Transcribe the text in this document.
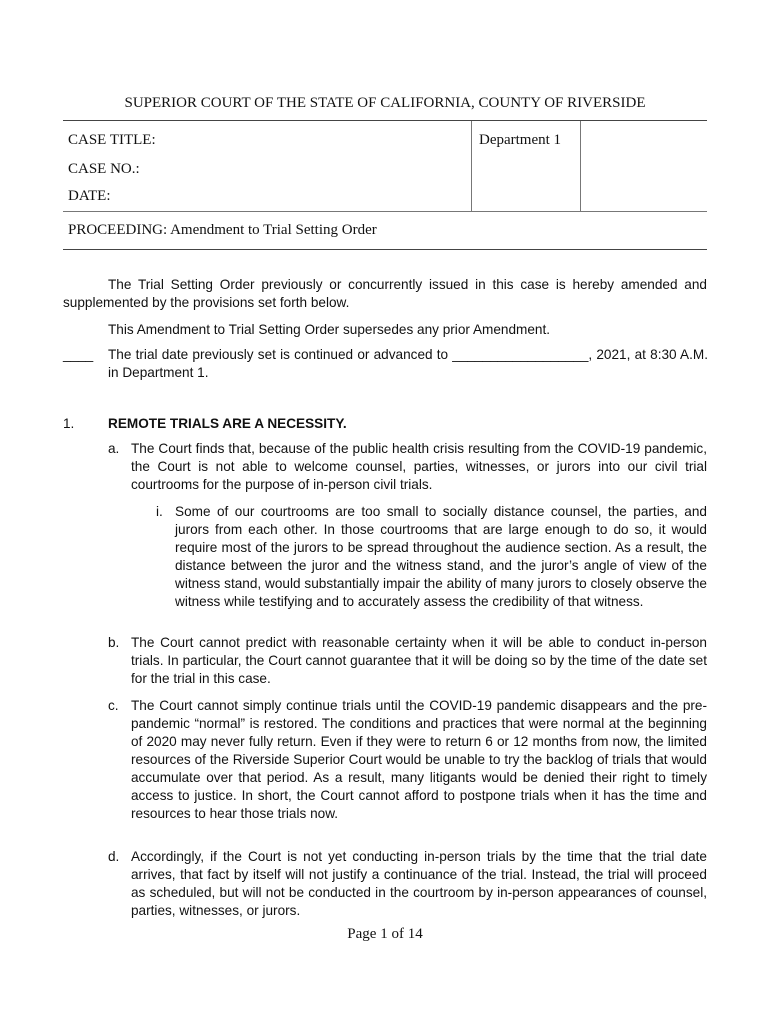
SUPERIOR COURT OF THE STATE OF CALIFORNIA, COUNTY OF RIVERSIDE
CASE TITLE:
CASE NO.:
DATE:
Department 1
PROCEEDING: Amendment to Trial Setting Order
The Trial Setting Order previously or concurrently issued in this case is hereby amended and supplemented by the provisions set forth below.
This Amendment to Trial Setting Order supersedes any prior Amendment.
____	The trial date previously set is continued or advanced to __________________, 2021, at 8:30 A.M. in Department 1.
1. REMOTE TRIALS ARE A NECESSITY.
a. The Court finds that, because of the public health crisis resulting from the COVID-19 pandemic, the Court is not able to welcome counsel, parties, witnesses, or jurors into our civil trial courtrooms for the purpose of in-person civil trials.
i. Some of our courtrooms are too small to socially distance counsel, the parties, and jurors from each other. In those courtrooms that are large enough to do so, it would require most of the jurors to be spread throughout the audience section. As a result, the distance between the juror and the witness stand, and the juror’s angle of view of the witness stand, would substantially impair the ability of many jurors to closely observe the witness while testifying and to accurately assess the credibility of that witness.
b. The Court cannot predict with reasonable certainty when it will be able to conduct in-person trials. In particular, the Court cannot guarantee that it will be doing so by the time of the date set for the trial in this case.
c. The Court cannot simply continue trials until the COVID-19 pandemic disappears and the pre-pandemic “normal” is restored. The conditions and practices that were normal at the beginning of 2020 may never fully return. Even if they were to return 6 or 12 months from now, the limited resources of the Riverside Superior Court would be unable to try the backlog of trials that would accumulate over that period. As a result, many litigants would be denied their right to timely access to justice. In short, the Court cannot afford to postpone trials when it has the time and resources to hear those trials now.
d. Accordingly, if the Court is not yet conducting in-person trials by the time that the trial date arrives, that fact by itself will not justify a continuance of the trial. Instead, the trial will proceed as scheduled, but will not be conducted in the courtroom by in-person appearances of counsel, parties, witnesses, or jurors.
Page 1 of 14
